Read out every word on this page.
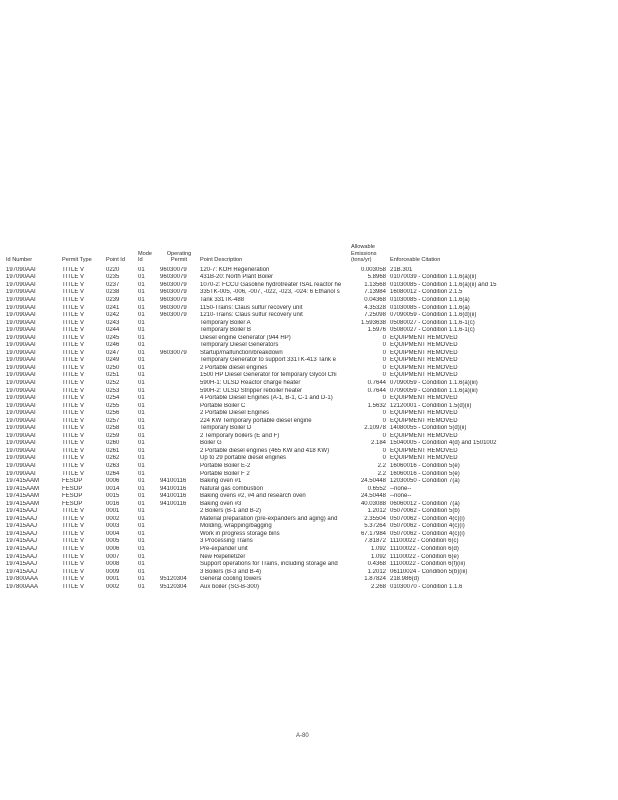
Id Number	Permit Type	Point Id	Mode Id	Operating Permit	Point Description	Allowable Emissions (tons/yr)	Enforceable Citation
197090AAI	TITLE V	0220	01	96030079	120-7: KOH Regeneration	0.003058	21B.301
197090AAI	TITLE V	0235	01	96030079	431B-20: North Plant Boiler	5.8968	01070039 - Condition 1.1.6(a)(ii)
197090AAI	TITLE V	0237	01	96030079	1070-2: FCCU Gasoline hydrotreater ISAL reactor he	1.13568	01030085 - Condition 1.1.6(a)(ii) and 15
197090AAI	TITLE V	0238	01	96030079	335TK-005, -006, -007, -022, -023, -024: 6 Ethanol s	7.13984	16080012 - Condition 2.1.5
197090AAI	TITLE V	0239	01	96030079	Tank 331TK-488	0.04368	01030085 - Condition 1.1.6(a)
197090AAI	TITLE V	0241	01	96030079	1150-Trains: Claus sulfur recovery unit	4.35328	01030085 - Condition 1.1.6(a)
197090AAI	TITLE V	0242	01	96030079	1210-Trains: Claus sulfur recovery unit	7.25098	07090059 - Condition 1.1.6(d)(ii)
197090AAI	TITLE V	0243	01		Temporary Boiler A	1.593638	05080027 - Condition 1.1.6-1(c)
197090AAI	TITLE V	0244	01		Temporary Boiler B	1.5976	05080027 - Condition 1.1.6-1(c)
197090AAI	TITLE V	0245	01		Diesel engine Generator (944 HP)	0	EQUIPMENT REMOVED
197090AAI	TITLE V	0246	01		Temporary Diesel Generators	0	EQUIPMENT REMOVED
197090AAI	TITLE V	0247	01	96030079	Startup/malfunction/breakdown	0	EQUIPMENT REMOVED
197090AAI	TITLE V	0249	01		Temporary Generator to support 331TK-413 Tank e	0	EQUIPMENT REMOVED
197090AAI	TITLE V	0250	01		2 Portable diesel engines	0	EQUIPMENT REMOVED
197090AAI	TITLE V	0251	01		1500 HP Diesel Generator for temporary Glycol Chi	0	EQUIPMENT REMOVED
197090AAI	TITLE V	0252	01		590H-1: ULSD Reactor charge heater	0.7644	07090059 - Condition 1.1.6(a)(iii)
197090AAI	TITLE V	0253	01		590H-2: ULSD Stripper reboiler heater	0.7644	07090059 - Condition 1.1.6(a)(iii)
197090AAI	TITLE V	0254	01		4 Portable Diesel Engines (A-1, B-1, C-1 and D-1)	0	EQUIPMENT REMOVED
197090AAI	TITLE V	0255	01		Portable Boiler C	1.5632	12120001 - Condition 1.5(d)(ii)
197090AAI	TITLE V	0256	01		2 Portable Diesel Engines	0	EQUIPMENT REMOVED
197090AAI	TITLE V	0257	01		224 KW Temporary portable diesel engine	0	EQUIPMENT REMOVED
197090AAI	TITLE V	0258	01		Temporary Boiler D	2.10978	14080055 - Condition 5(d)(ii)
197090AAI	TITLE V	0259	01		2 Temporary boilers (E and F)	0	EQUIPMENT REMOVED
197090AAI	TITLE V	0260	01		Boiler G	2.184	15040005 - Condition 4(d) and 1501002
197090AAI	TITLE V	0261	01		2 Portable diesel engines (465 KW and 418 KW)	0	EQUIPMENT REMOVED
197090AAI	TITLE V	0262	01		Up to 29 portable diesel engines	0	EQUIPMENT REMOVED
197090AAI	TITLE V	0263	01		Portable Boiler E-2	2.2	16060016 - Condition 5(e)
197090AAI	TITLE V	0264	01		Portable Boiler F 2	2.2	16060016 - Condition 5(e)
197415AAM	FESOP	0006	01	94100116	Baking oven #1	24.50448	12030050 - Condition 7(a)
197415AAM	FESOP	0014	01	94100116	Natural gas combustion	0.6552	--none--
197415AAM	FESOP	0015	01	94100116	Baking ovens #2, #4 and research oven	24.50448	--none--
197415AAM	FESOP	0016	01	94100116	Baking oven #3	40.03088	06060012 - Condition 7(a)
197415AAJ	TITLE V	0001	01		2 Boilers (B-1 and B-2)	1.2012	05070062 - Condition 5(b)
197415AAJ	TITLE V	0002	01		Material preparation (pre-expanders and aging) and	2.35504	05070062 - Condition 4(c)(i)
197415AAJ	TITLE V	0003	01		Molding, wrapping/bagging	5.37264	05070062 - Condition 4(c)(i)
197415AAJ	TITLE V	0004	01		Work in progress storage bins	67.17984	05070062 - Condition 4(c)(i)
197415AAJ	TITLE V	0005	01		3 Processing Trains	7.81872	11100022 - Condition 6(c)
197415AAJ	TITLE V	0006	01		Pre-expander unit	1.092	11100022 - Condition 6(d)
197415AAJ	TITLE V	0007	01		New Repelletizer	1.092	11100022 - Condition 6(e)
197415AAJ	TITLE V	0008	01		Support operations for Trains, including storage and	0.4368	11100022 - Condition 6(f)(iii)
197415AAJ	TITLE V	0009	01		3 Boilers (B-3 and B-4)	1.2012	06110024 - Condition 5(b)(iii)
197800AAA	TITLE V	0001	01	95120304	General cooling towers	1.87824	218.986(d)
197800AAA	TITLE V	0002	01	95120304	Aux boiler (SG-B-300)	2.268	01030070 - Condition 1.1.6
A-80
